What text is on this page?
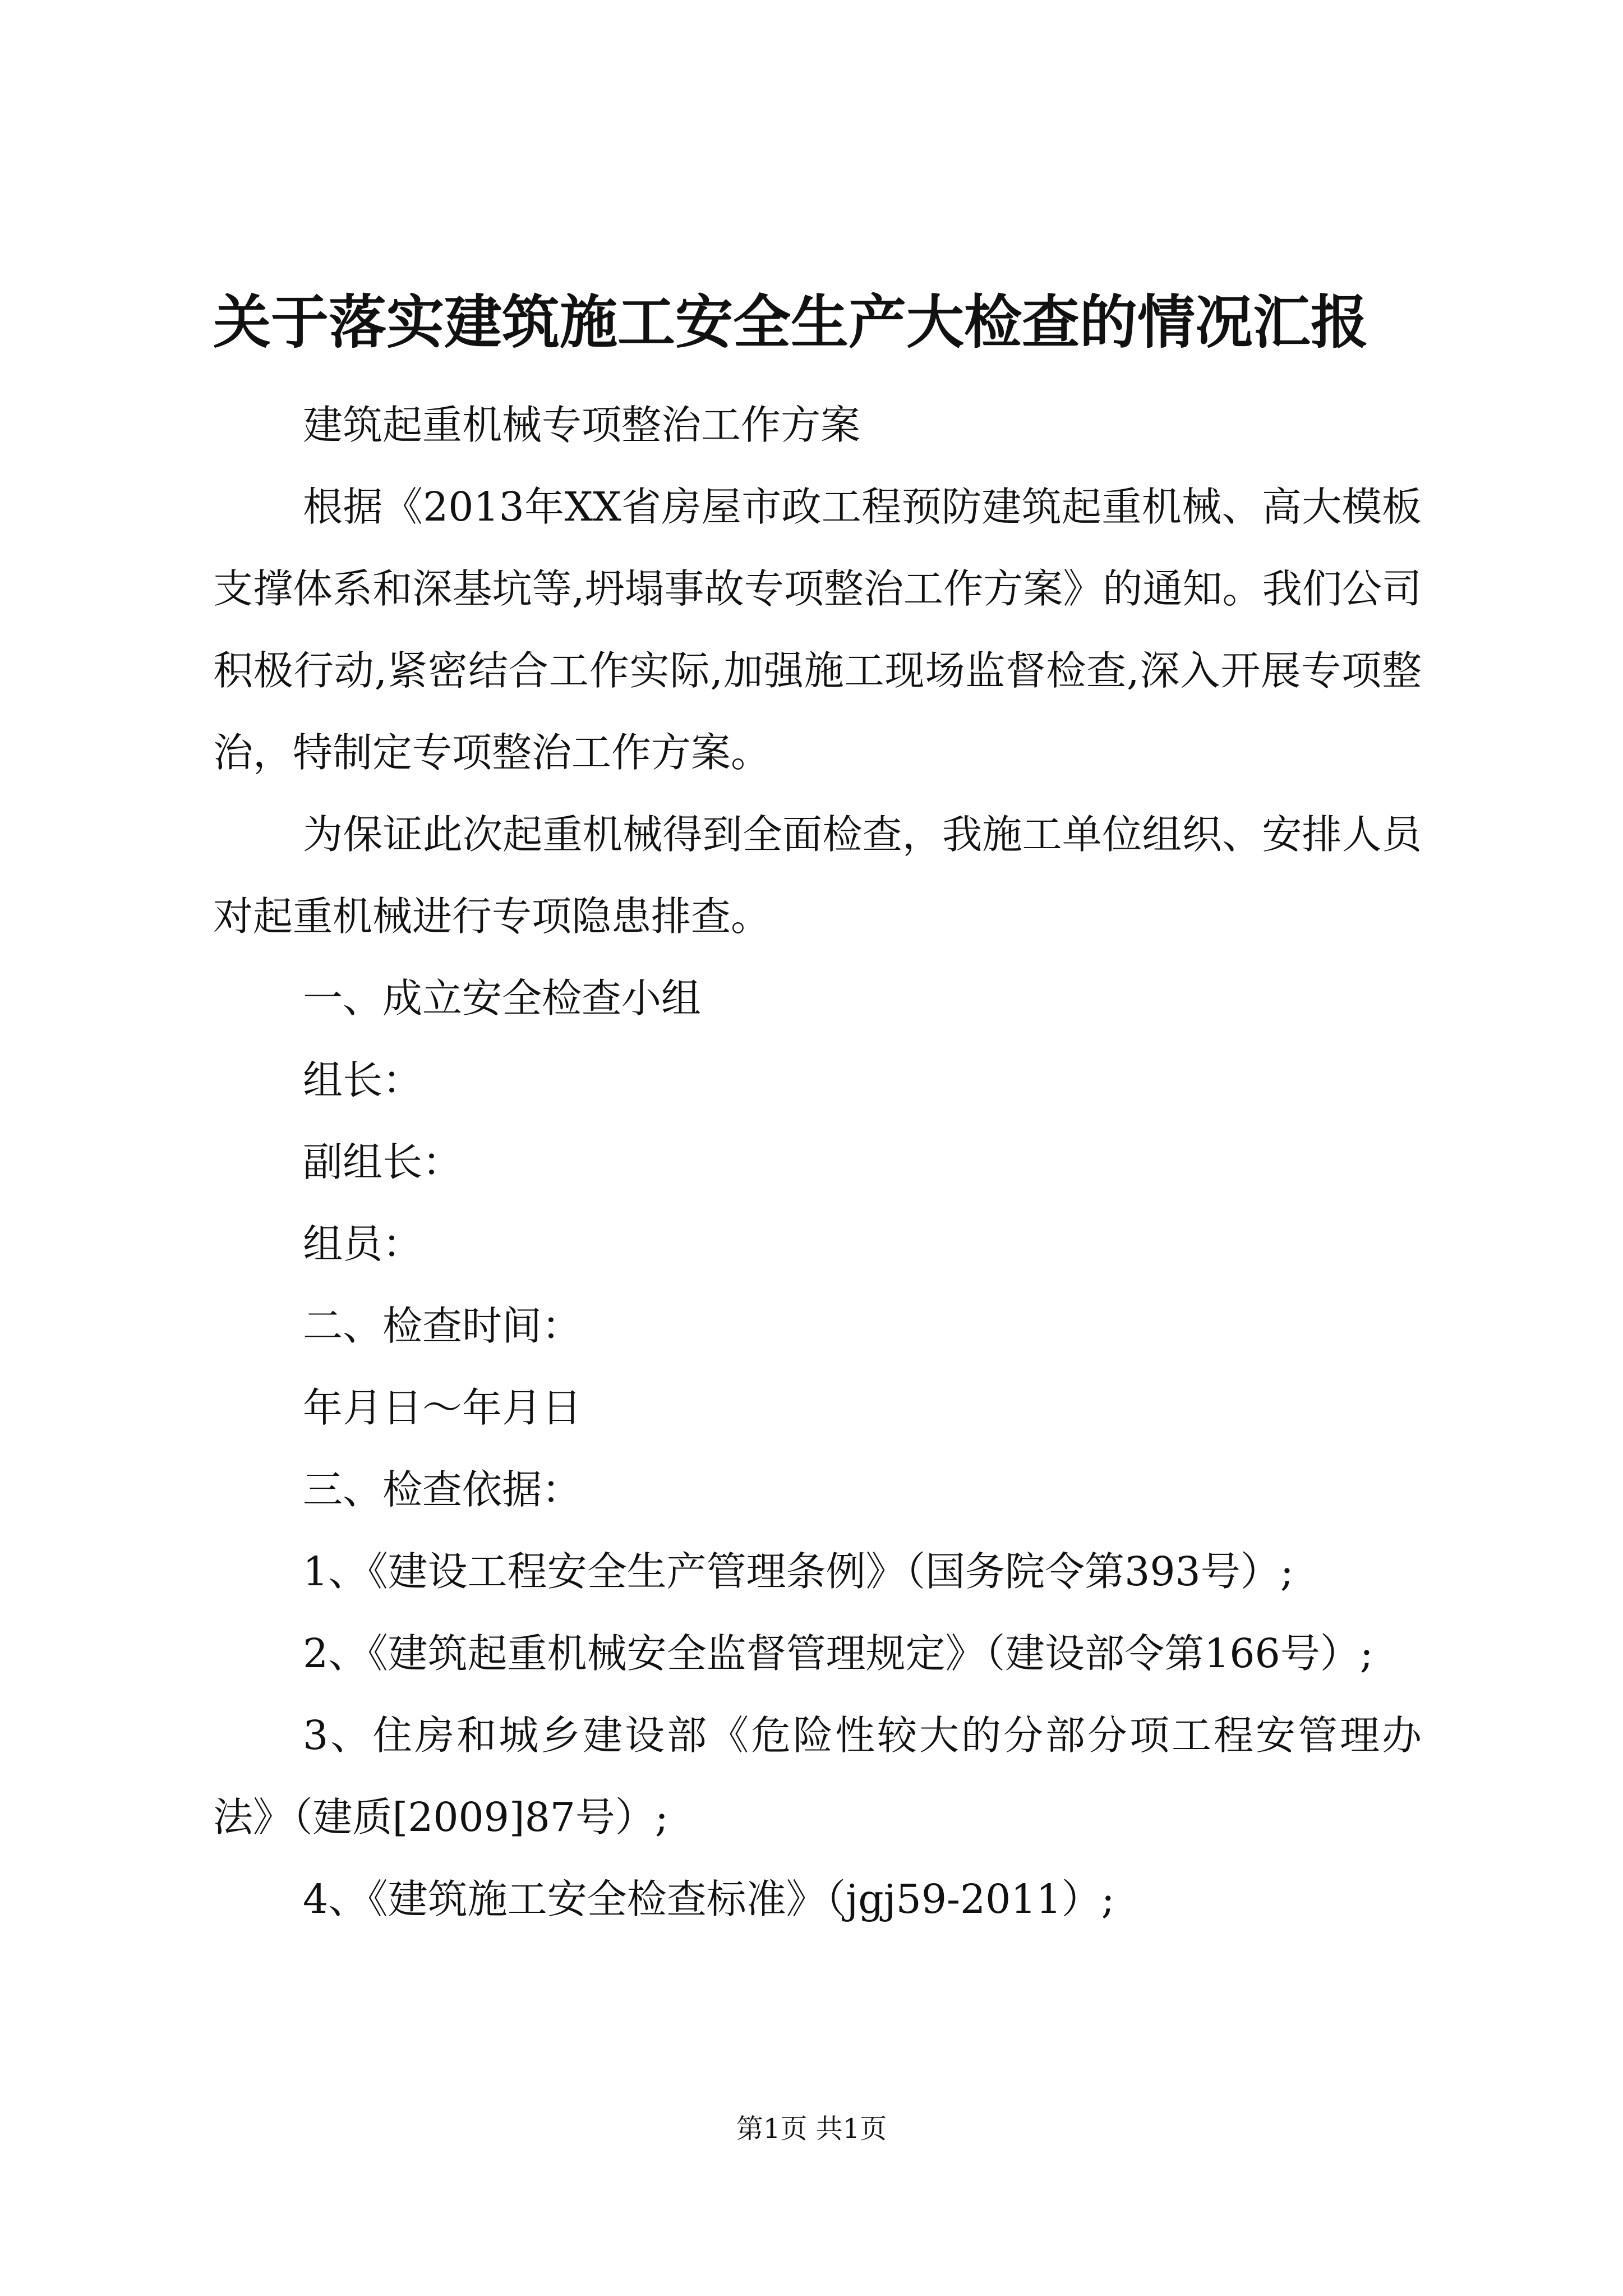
关于落实建筑施工安全生产大检查的情况汇报

建筑起重机械专项整治工作方案

根据《2013年XX省房屋市政工程预防建筑起重机械、高大模板支撑体系和深基坑等,坍塌事故专项整治工作方案》的通知。我们公司积极行动,紧密结合工作实际,加强施工现场监督检查,深入开展专项整治，特制定专项整治工作方案。

为保证此次起重机械得到全面检查，我施工单位组织、安排人员对起重机械进行专项隐患排查。

一、成立安全检查小组

组长：

副组长：

组员：

二、检查时间：

年月日～年月日

三、检查依据：

1、《建设工程安全生产管理条例》（国务院令第393号）;

2、《建筑起重机械安全监督管理规定》（建设部令第166号）;

3、住房和城乡建设部《危险性较大的分部分项工程安管理办法》（建质[2009]87号）;

4、《建筑施工安全检查标准》（jgj59-2011）;

第1页 共1页
